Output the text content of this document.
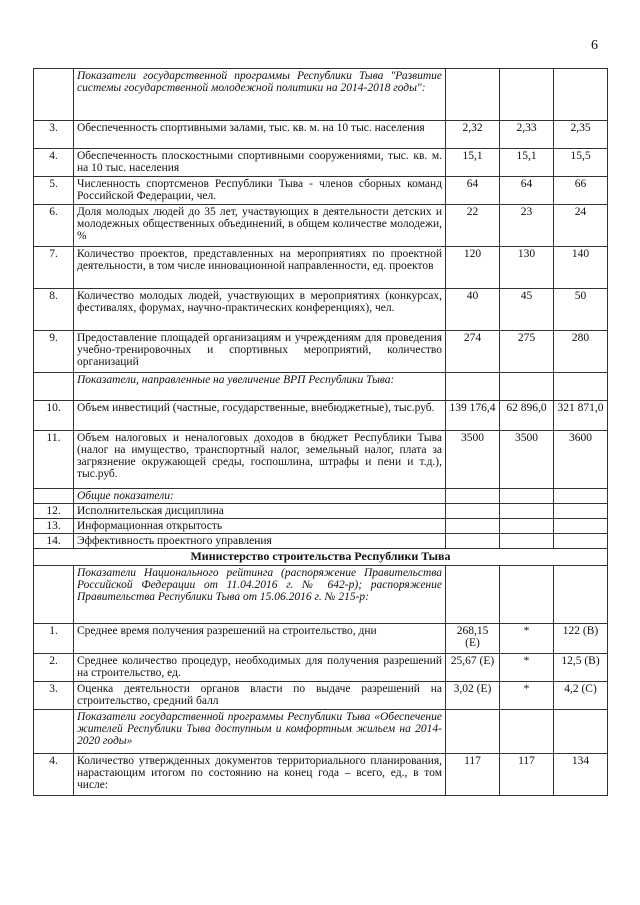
6
	Показатели государственной программы Республики Тыва "Развитие системы государственной молодежной политики на 2014-2018 годы":			
3.	Обеспеченность спортивными залами, тыс. кв. м. на 10 тыс. населения	2,32	2,33	2,35
4.	Обеспеченность плоскостными спортивными сооружениями, тыс. кв. м. на 10 тыс. населения	15,1	15,1	15,5
5.	Численность спортсменов Республики Тыва - членов сборных команд Российской Федерации, чел.	64	64	66
6.	Доля молодых людей до 35 лет, участвующих в деятельности детских и молодежных общественных объединений, в общем количестве молодежи, %	22	23	24
7.	Количество проектов, представленных на мероприятиях по проектной деятельности, в том числе инновационной направленности, ед. проектов	120	130	140
8.	Количество молодых людей, участвующих в мероприятиях (конкурсах, фестивалях, форумах, научно-практических конференциях), чел.	40	45	50
9.	Предоставление площадей организациям и учреждениям для проведения учебно-тренировочных и спортивных мероприятий, количество организаций	274	275	280
	Показатели, направленные на увеличение ВРП Республики Тыва:			
10.	Объем инвестиций (частные, государственные, внебюджетные), тыс.руб.	139 176,4	62 896,0	321 871,0
11.	Объем налоговых и неналоговых доходов в бюджет Республики Тыва (налог на имущество, транспортный налог, земельный налог, плата за загрязнение окружающей среды, госпошлина, штрафы и пени и т.д.), тыс.руб.	3500	3500	3600
	Общие показатели:			
12.	Исполнительская дисциплина			
13.	Информационная открытость			
14.	Эффективность проектного управления			
Министерство строительства Республики Тыва				
	Показатели Национального рейтинга (распоряжение Правительства Российской Федерации от 11.04.2016 г. № 642-р); распоряжение Правительства Республики Тыва от 15.06.2016 г. № 215-р:			
1.	Среднее время получения разрешений на строительство, дни	268,15 (Е)	*	122 (В)
2.	Среднее количество процедур, необходимых для получения разрешений на строительство, ед.	25,67 (Е)	*	12,5 (В)
3.	Оценка деятельности органов власти по выдаче разрешений на строительство, средний балл	3,02 (Е)	*	4,2 (С)
	Показатели государственной программы Республики Тыва «Обеспечение жителей Республики Тыва доступным и комфортным жильем на 2014-2020 годы»			
4.	Количество утвержденных документов территориального планирования, нарастающим итогом по состоянию на конец года – всего, ед., в том числе:	117	117	134
